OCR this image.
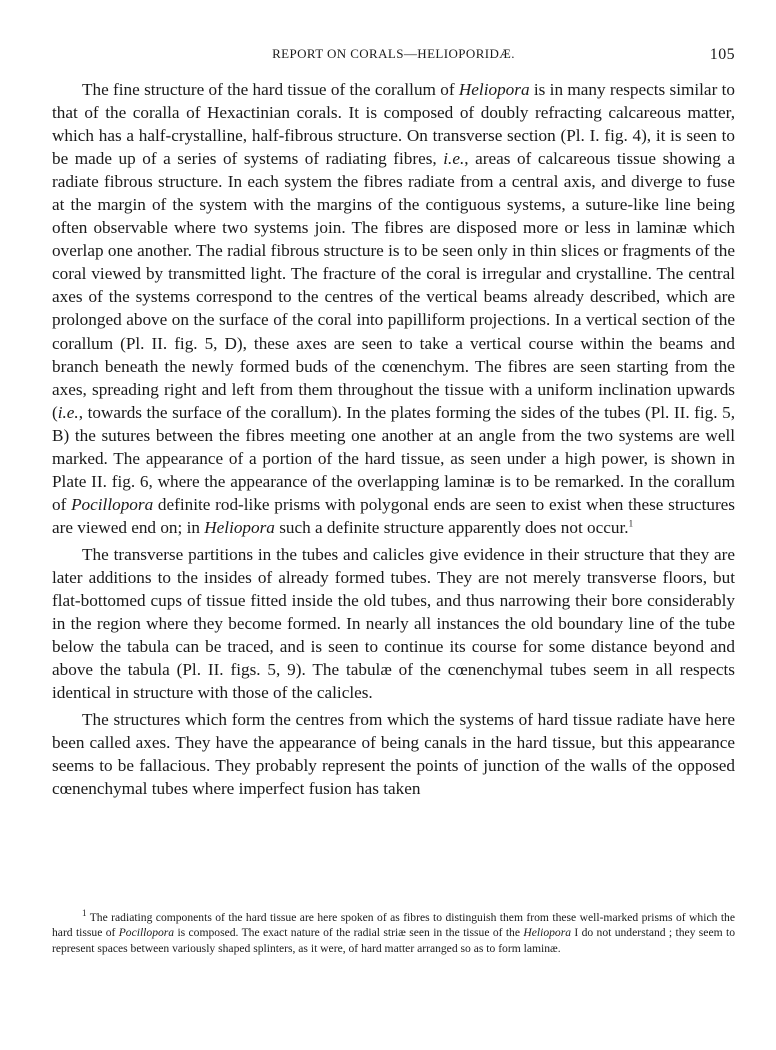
REPORT ON CORALS—HELIOPORIDÆ.	105

The fine structure of the hard tissue of the corallum of Heliopora is in many respects similar to that of the coralla of Hexactinian corals. It is composed of doubly refracting calcareous matter, which has a half-crystalline, half-fibrous structure. On transverse section (Pl. I. fig. 4), it is seen to be made up of a series of systems of radiating fibres, i.e., areas of calcareous tissue showing a radiate fibrous structure. In each system the fibres radiate from a central axis, and diverge to fuse at the margin of the system with the margins of the contiguous systems, a suture-like line being often observable where two systems join. The fibres are disposed more or less in laminæ which overlap one another. The radial fibrous structure is to be seen only in thin slices or fragments of the coral viewed by transmitted light. The fracture of the coral is irregular and crystalline. The central axes of the systems correspond to the centres of the vertical beams already described, which are prolonged above on the surface of the coral into papilliform projections. In a vertical section of the corallum (Pl. II. fig. 5, D), these axes are seen to take a vertical course within the beams and branch beneath the newly formed buds of the cœnenchym. The fibres are seen starting from the axes, spreading right and left from them throughout the tissue with a uniform inclination upwards (i.e., towards the surface of the corallum). In the plates forming the sides of the tubes (Pl. II. fig. 5, B) the sutures between the fibres meeting one another at an angle from the two systems are well marked. The appearance of a portion of the hard tissue, as seen under a high power, is shown in Plate II. fig. 6, where the appearance of the overlapping laminæ is to be remarked. In the corallum of Pocillopora definite rod-like prisms with polygonal ends are seen to exist when these structures are viewed end on; in Heliopora such a definite structure apparently does not occur.$^1$

The transverse partitions in the tubes and calicles give evidence in their structure that they are later additions to the insides of already formed tubes. They are not merely transverse floors, but flat-bottomed cups of tissue fitted inside the old tubes, and thus narrowing their bore considerably in the region where they become formed. In nearly all instances the old boundary line of the tube below the tabula can be traced, and is seen to continue its course for some distance beyond and above the tabula (Pl. II. figs. 5, 9). The tabulæ of the cœnenchymal tubes seem in all respects identical in structure with those of the calicles.

The structures which form the centres from which the systems of hard tissue radiate have here been called axes. They have the appearance of being canals in the hard tissue, but this appearance seems to be fallacious. They probably represent the points of junction of the walls of the opposed cœnenchymal tubes where imperfect fusion has taken

$^1$ The radiating components of the hard tissue are here spoken of as fibres to distinguish them from these well-marked prisms of which the hard tissue of Pocillopora is composed. The exact nature of the radial striæ seen in the tissue of the Heliopora I do not understand ; they seem to represent spaces between variously shaped splinters, as it were, of hard matter arranged so as to form laminæ.
